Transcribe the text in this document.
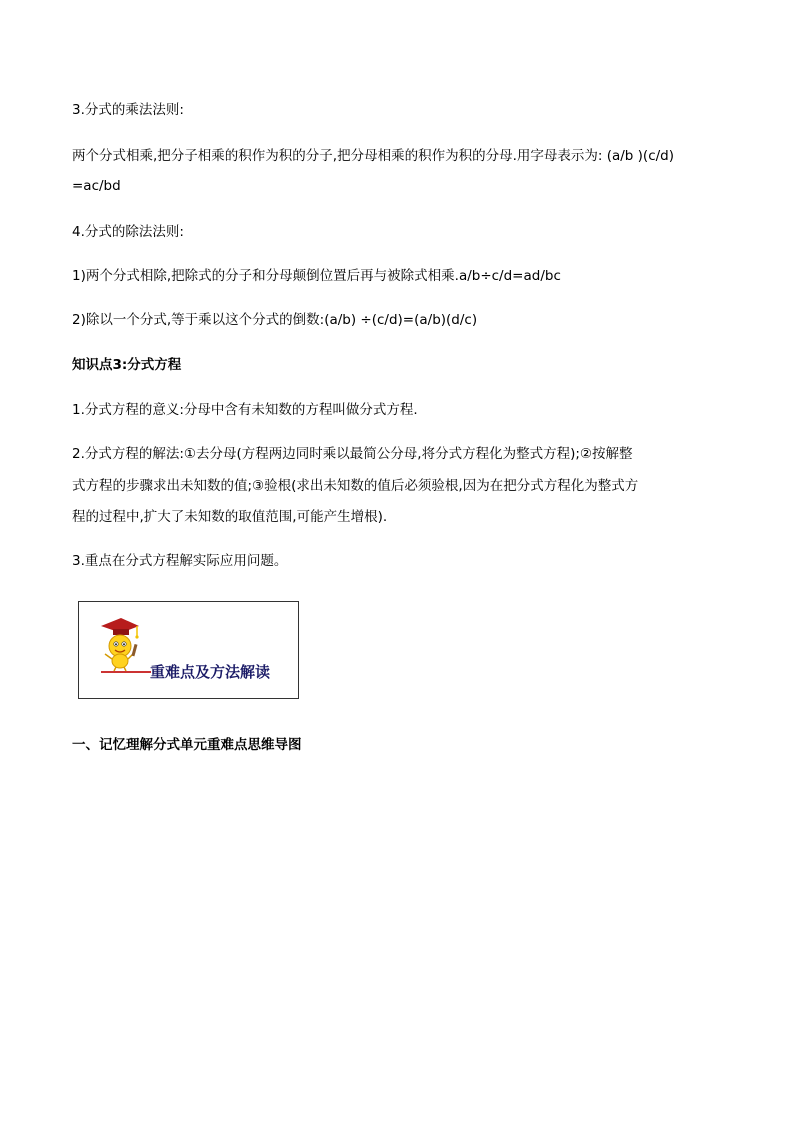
3.分式的乘法法则:
两个分式相乘,把分子相乘的积作为积的分子,把分母相乘的积作为积的分母.用字母表示为: (a/b )(c/d)
=ac/bd
4.分式的除法法则:
1)两个分式相除,把除式的分子和分母颠倒位置后再与被除式相乘.a/b÷c/d=ad/bc
2)除以一个分式,等于乘以这个分式的倒数:(a/b) ÷(c/d)=(a/b)(d/c)
知识点3:分式方程
1.分式方程的意义:分母中含有未知数的方程叫做分式方程.
2.分式方程的解法:①去分母(方程两边同时乘以最简公分母,将分式方程化为整式方程);②按解整
式方程的步骤求出未知数的值;③验根(求出未知数的值后必须验根,因为在把分式方程化为整式方
程的过程中,扩大了未知数的取值范围,可能产生增根).
3.重点在分式方程解实际应用问题。
重难点及方法解读
一、记忆理解分式单元重难点思维导图
